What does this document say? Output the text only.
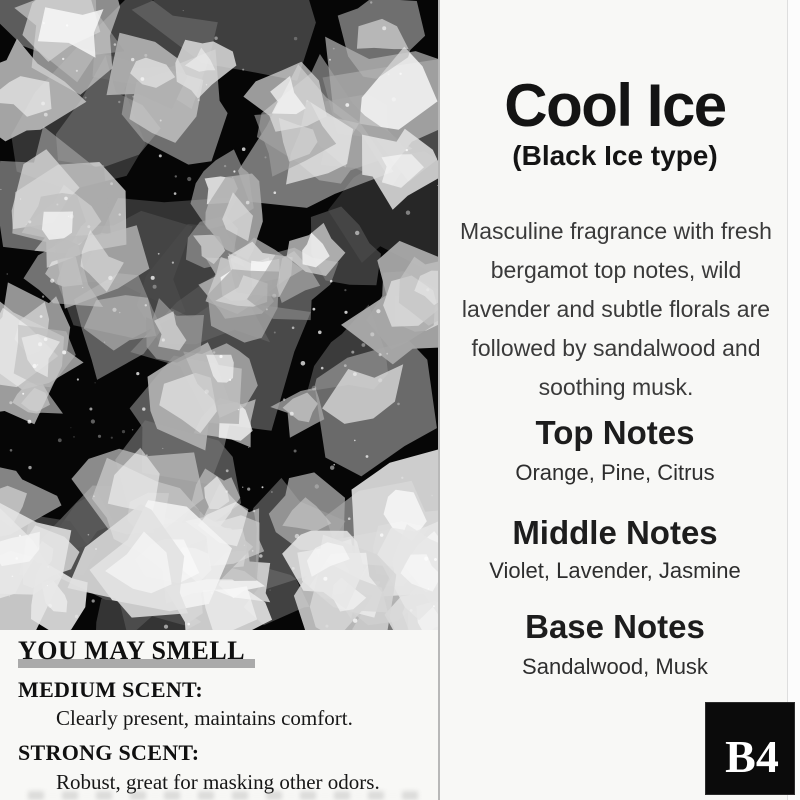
Cool Ice
(Black Ice type)
Masculine fragrance with fresh
bergamot top notes, wild
lavender and subtle florals are
followed by sandalwood and
soothing musk.
Top Notes
Orange, Pine, Citrus
Middle Notes
Violet, Lavender, Jasmine
Base Notes
Sandalwood, Musk
YOU MAY SMELL
MEDIUM SCENT:
Clearly present, maintains comfort.
STRONG SCENT:
Robust, great for masking other odors.	B4
